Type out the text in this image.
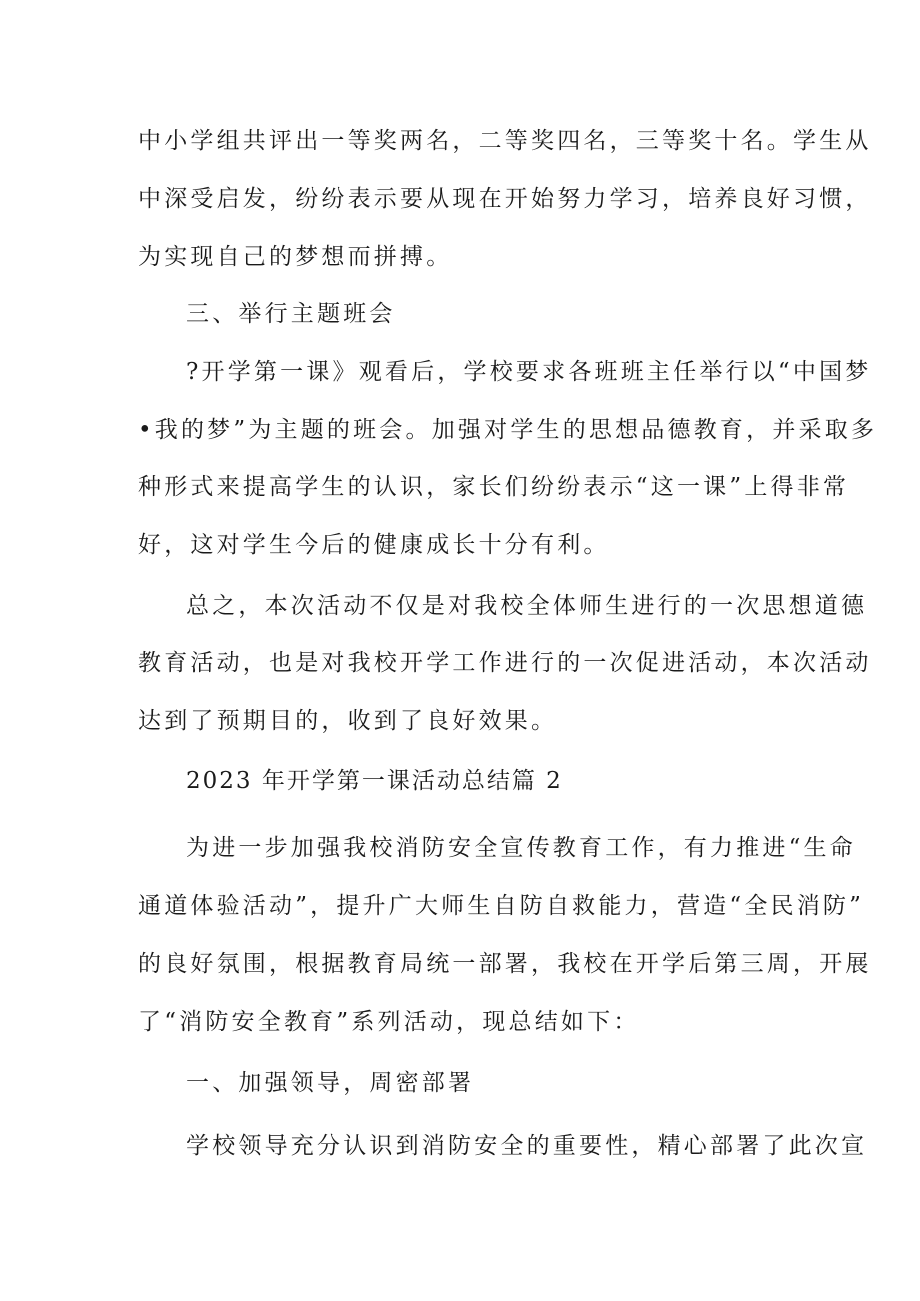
中小学组共评出一等奖两名，二等奖四名，三等奖十名。学生从
中深受启发，纷纷表示要从现在开始努力学习，培养良好习惯，
为实现自己的梦想而拼搏。
三、举行主题班会
?开学第一课》观看后，学校要求各班班主任举行以“中国梦
•我的梦”为主题的班会。加强对学生的思想品德教育，并采取多
种形式来提高学生的认识，家长们纷纷表示“这一课”上得非常
好，这对学生今后的健康成长十分有利。
总之，本次活动不仅是对我校全体师生进行的一次思想道德
教育活动，也是对我校开学工作进行的一次促进活动，本次活动
达到了预期目的，收到了良好效果。
2023 年开学第一课活动总结篇 2
为进一步加强我校消防安全宣传教育工作，有力推进“生命
通道体验活动”，提升广大师生自防自救能力，营造“全民消防”
的良好氛围，根据教育局统一部署，我校在开学后第三周，开展
了“消防安全教育”系列活动，现总结如下：
一、加强领导，周密部署
学校领导充分认识到消防安全的重要性，精心部署了此次宣
